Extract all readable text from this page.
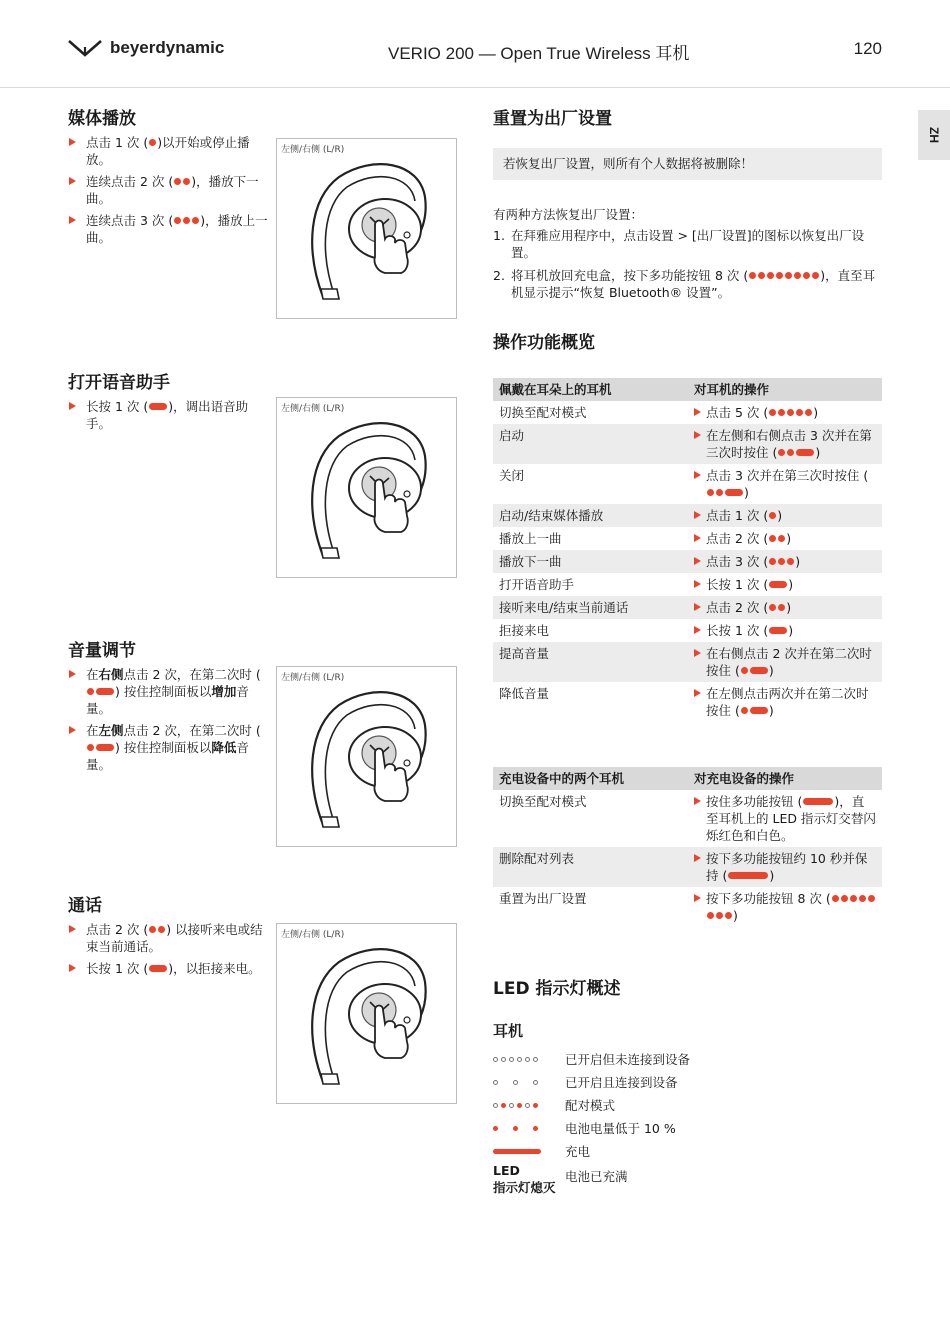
beyerdynamic	VERIO 200 — Open True Wireless 耳机	120
ZH
媒体播放
点击 1 次 ( )以开始或停止播放。
连续点击 2 次 ( )，播放下一曲。
连续点击 3 次 ( )，播放上一曲。
打开语音助手
长按 1 次 ( )，调出语音助手。
音量调节
在右侧点击 2 次，在第二次时 () 按住控制面板以增加音量。
在左侧点击 2 次，在第二次时 () 按住控制面板以降低音量。
通话
点击 2 次 ( ) 以接听来电或结束当前通话。
长按 1 次 ( )，以拒接来电。
左侧/右侧 (L/R)
左侧/右侧 (L/R)
左侧/右侧 (L/R)
左侧/右侧 (L/R)
重置为出厂设置
若恢复出厂设置，则所有个人数据将被删除！
有两种方法恢复出厂设置：
1. 在拜雅应用程序中，点击设置 > [出厂设置]的图标以恢复出厂设置。
2. 将耳机放回充电盒，按下多功能按钮 8 次 (	)，直至耳机显示提示“恢复 Bluetooth® 设置”。
操作功能概览
佩戴在耳朵上的耳机	对耳机的操作
切换至配对模式	点击 5 次 (	)
启动	在左侧和右侧点击 3 次并在第三次时按住 (	)
关闭	点击 3 次并在第三次时按住 ()
启动/结束媒体播放	点击 1 次 ( )
播放上一曲	点击 2 次 ( )
播放下一曲	点击 3 次 ( )
打开语音助手	长按 1 次 ( )
接听来电/结束当前通话	点击 2 次 ( )
拒接来电	长按 1 次 ( )
提高音量	在右侧点击 2 次并在第二次时按住 ( )
降低音量	在左侧点击两次并在第二次时按住 ( )
充电设备中的两个耳机	对充电设备的操作
切换至配对模式	按住多功能按钮 (	)，直至耳机上的 LED 指示灯交替闪烁红色和白色。
删除配对列表	按下多功能按钮约 10 秒并保持 (	)
重置为出厂设置	按下多功能按钮 8 次 ()
LED 指示灯概述
耳机
已开启但未连接到设备
已开启且连接到设备
配对模式
电池电量低于 10 %
充电
LED
指示灯熄灭
电池已充满
